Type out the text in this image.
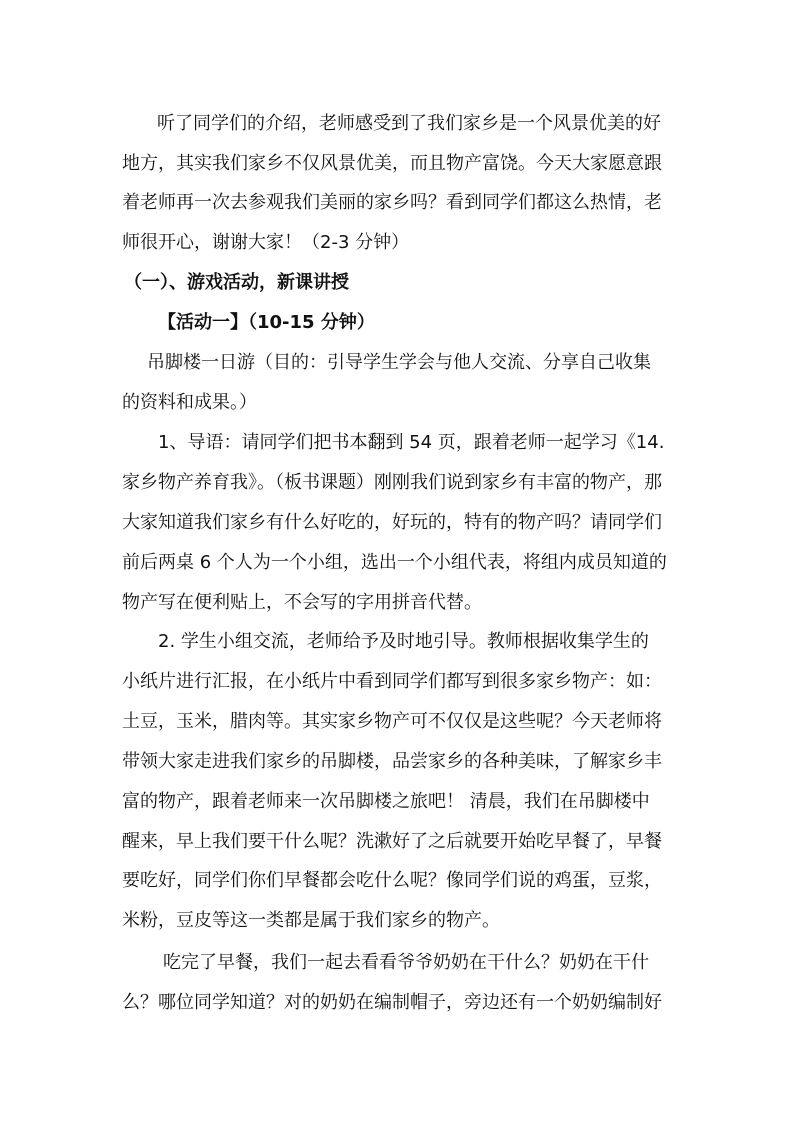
听了同学们的介绍，老师感受到了我们家乡是一个风景优美的好
地方，其实我们家乡不仅风景优美，而且物产富饶。今天大家愿意跟
着老师再一次去参观我们美丽的家乡吗？看到同学们都这么热情，老
师很开心，谢谢大家！（2-3 分钟）
（一）、游戏活动，新课讲授
【活动一】（10-15 分钟）
吊脚楼一日游（目的：引导学生学会与他人交流、分享自己收集
的资料和成果。）
1、导语：请同学们把书本翻到 54 页，跟着老师一起学习《14.
家乡物产养育我》。（板书课题）刚刚我们说到家乡有丰富的物产，那
大家知道我们家乡有什么好吃的，好玩的，特有的物产吗？请同学们
前后两桌 6 个人为一个小组，选出一个小组代表，将组内成员知道的
物产写在便利贴上，不会写的字用拼音代替。
2. 学生小组交流，老师给予及时地引导。教师根据收集学生的
小纸片进行汇报，在小纸片中看到同学们都写到很多家乡物产：如：
土豆，玉米，腊肉等。其实家乡物产可不仅仅是这些呢？今天老师将
带领大家走进我们家乡的吊脚楼，品尝家乡的各种美味，了解家乡丰
富的物产，跟着老师来一次吊脚楼之旅吧！ 清晨，我们在吊脚楼中
醒来，早上我们要干什么呢？洗漱好了之后就要开始吃早餐了，早餐
要吃好，同学们你们早餐都会吃什么呢？像同学们说的鸡蛋，豆浆，
米粉，豆皮等这一类都是属于我们家乡的物产。
吃完了早餐，我们一起去看看爷爷奶奶在干什么？奶奶在干什
么？哪位同学知道？对的奶奶在编制帽子，旁边还有一个奶奶编制好
